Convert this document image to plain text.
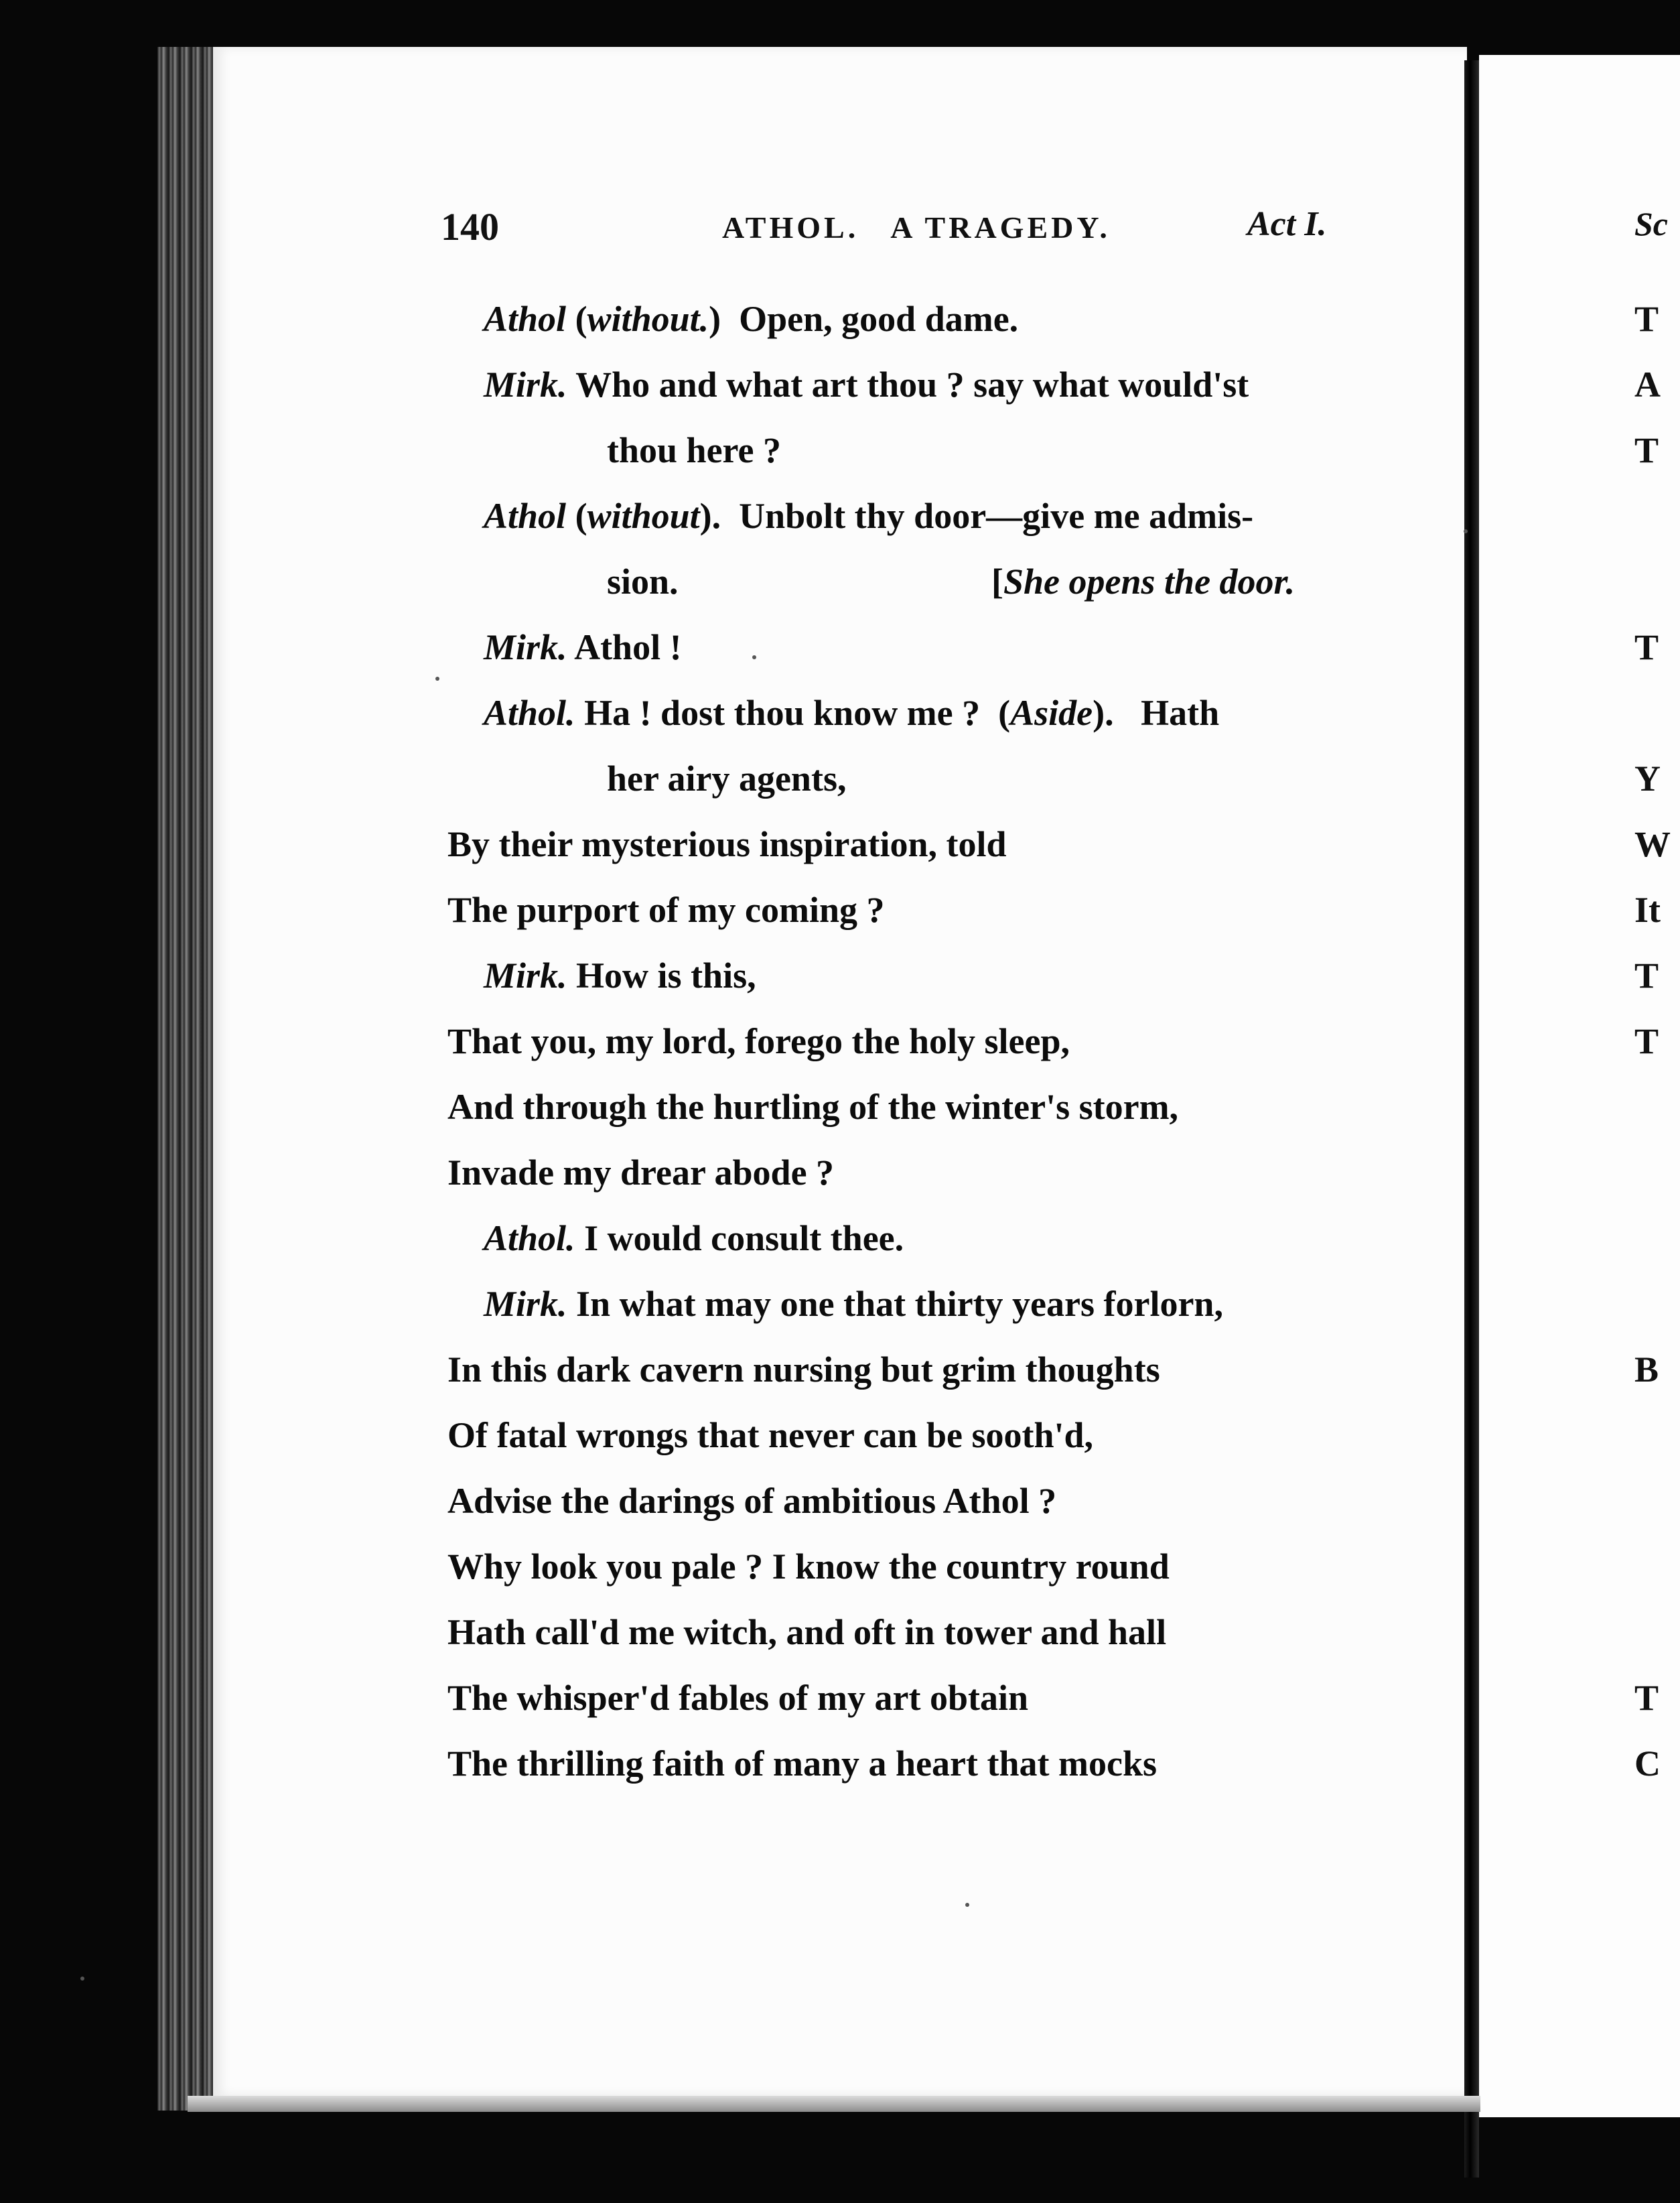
140	ATHOL.   A TRAGEDY.	Act I.
Athol (without.)  Open, good dame.
Mirk. Who and what art thou ? say what would'st
thou here ?
Athol (without).  Unbolt thy door—give me admis-
sion.	[She opens the door.
Mirk. Athol !
Athol. Ha ! dost thou know me ?  (Aside).   Hath
her airy agents,
By their mysterious inspiration, told
The purport of my coming ?
Mirk. How is this,
That you, my lord, forego the holy sleep,
And through the hurtling of the winter's storm,
Invade my drear abode ?
Athol. I would consult thee.
Mirk. In what may one that thirty years forlorn,
In this dark cavern nursing but grim thoughts
Of fatal wrongs that never can be sooth'd,
Advise the darings of ambitious Athol ?
Why look you pale ? I know the country round
Hath call'd me witch, and oft in tower and hall
The whisper'd fables of my art obtain
The thrilling faith of many a heart that mocks
Sc
T
A
T
T
Y
W
It
T
T
B
T
C
